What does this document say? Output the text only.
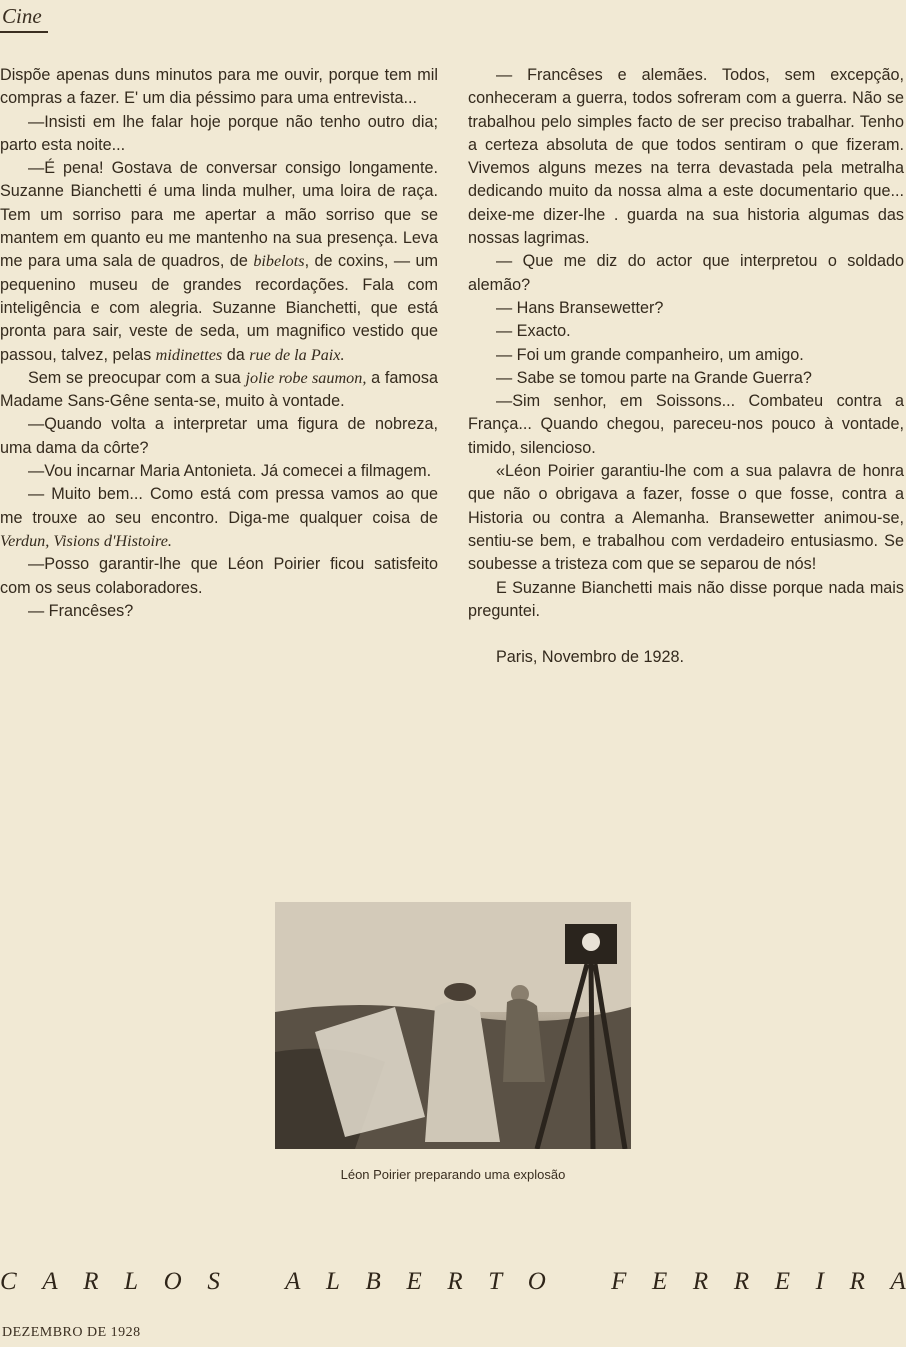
Cine

Dispõe apenas duns minutos para me ouvir, porque tem mil compras a fazer. E' um dia péssimo para uma entrevista...

—Insisti em lhe falar hoje porque não tenho outro dia; parto esta noite...

—É pena! Gostava de conversar consigo longamente. Suzanne Bianchetti é uma linda mulher, uma loira de raça. Tem um sorriso para me apertar a mão sorriso que se mantem em quanto eu me mantenho na sua presença. Leva me para uma sala de quadros, de bibelots, de coxins, — um pequenino museu de grandes recordações. Fala com inteligência e com alegria. Suzanne Bianchetti, que está pronta para sair, veste de seda, um magnifico vestido que passou, talvez, pelas midinettes da rue de la Paix.

Sem se preocupar com a sua jolie robe saumon, a famosa Madame Sans-Gêne senta-se, muito à vontade.

—Quando volta a interpretar uma figura de nobreza, uma dama da côrte?

—Vou incarnar Maria Antonieta. Já comecei a filmagem.

— Muito bem... Como está com pressa vamos ao que me trouxe ao seu encontro. Diga-me qualquer coisa de Verdun, Visions d'Histoire.

—Posso garantir-lhe que Léon Poirier ficou satisfeito com os seus colaboradores.

— Francêses?

— Francêses e alemães. Todos, sem excepção, conheceram a guerra, todos sofreram com a guerra. Não se trabalhou pelo simples facto de ser preciso trabalhar. Tenho a certeza absoluta de que todos sentiram o que fizeram. Vivemos alguns mezes na terra devastada pela metralha dedicando muito da nossa alma a este documentario que... deixe-me dizer-lhe . guarda na sua historia algumas das nossas lagrimas.

— Que me diz do actor que interpretou o soldado alemão?

— Hans Bransewetter?

— Exacto.

— Foi um grande companheiro, um amigo.

— Sabe se tomou parte na Grande Guerra?

—Sim senhor, em Soissons... Combateu contra a França... Quando chegou, pareceu-nos pouco à vontade, timido, silencioso.

«Léon Poirier garantiu-lhe com a sua palavra de honra que não o obrigava a fazer, fosse o que fosse, contra a Historia ou contra a Alemanha. Bransewetter animou-se, sentiu-se bem, e trabalhou com verdadeiro entusiasmo. Se soubesse a tristeza com que se separou de nós!

E Suzanne Bianchetti mais não disse porque nada mais preguntei.

Paris, Novembro de 1928.

Léon Poirier preparando uma explosão
C A R L O S	A L B E R T O	F E R R E I R A
DEZEMBRO DE 1928
